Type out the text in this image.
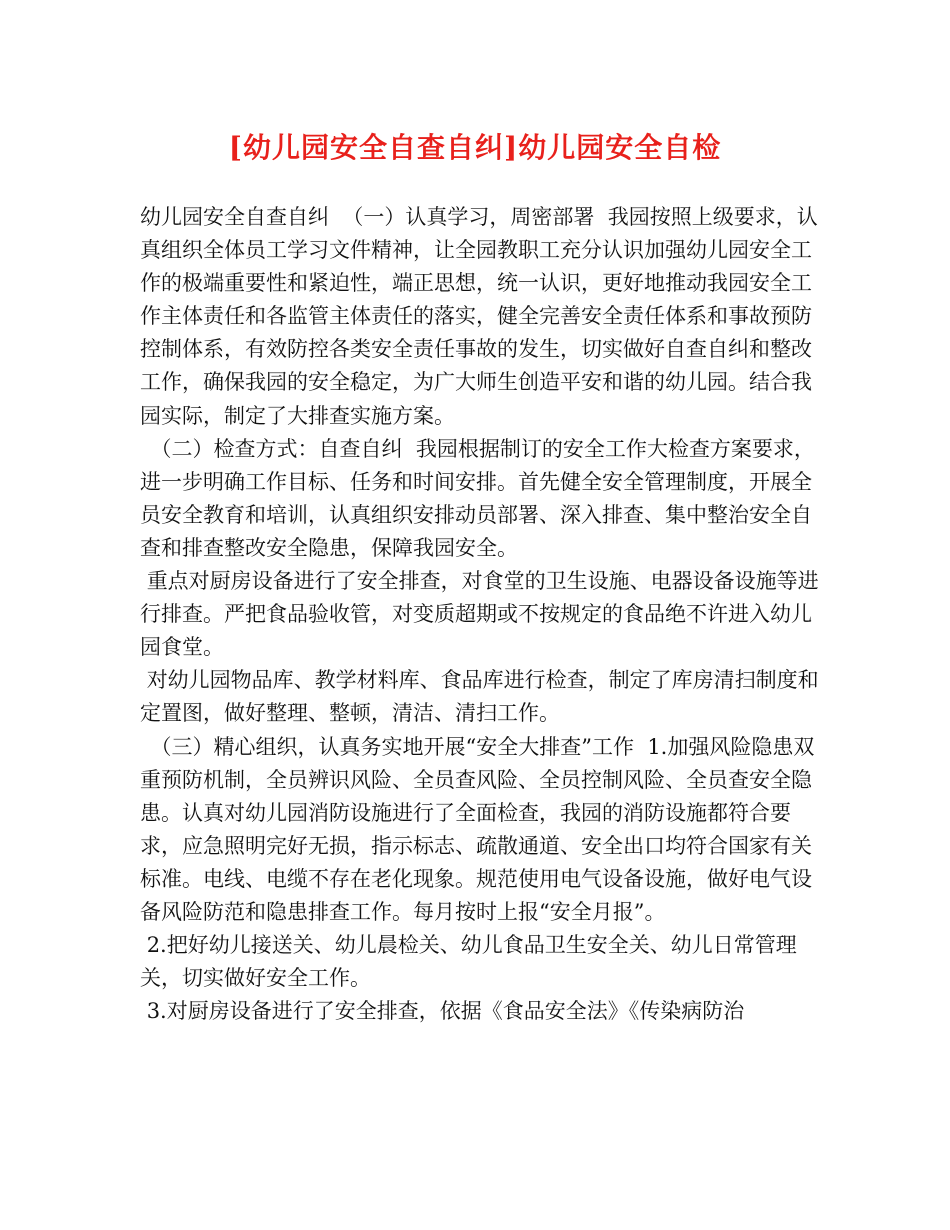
[幼儿园安全自查自纠]幼儿园安全自检
幼儿园安全自查自纠  （一）认真学习，周密部署  我园按照上级要求，认真组织全体员工学习文件精神，让全园教职工充分认识加强幼儿园安全工作的极端重要性和紧迫性，端正思想，统一认识，更好地推动我园安全工作主体责任和各监管主体责任的落实，健全完善安全责任体系和事故预防控制体系，有效防控各类安全责任事故的发生，切实做好自查自纠和整改工作，确保我园的安全稳定，为广大师生创造平安和谐的幼儿园。结合我园实际，制定了大排查实施方案。
　（二）检查方式：自查自纠  我园根据制订的安全工作大检查方案要求，进一步明确工作目标、任务和时间安排。首先健全安全管理制度，开展全员安全教育和培训，认真组织安排动员部署、深入排查、集中整治安全自查和排查整改安全隐患，保障我园安全。
重点对厨房设备进行了安全排查，对食堂的卫生设施、电器设备设施等进行排查。严把食品验收管，对变质超期或不按规定的食品绝不许进入幼儿园食堂。
对幼儿园物品库、教学材料库、食品库进行检查，制定了库房清扫制度和定置图，做好整理、整顿，清洁、清扫工作。
　（三）精心组织，认真务实地开展“安全大排查”工作  1.加强风险隐患双重预防机制，全员辨识风险、全员查风险、全员控制风险、全员查安全隐患。认真对幼儿园消防设施进行了全面检查，我园的消防设施都符合要求，应急照明完好无损，指示标志、疏散通道、安全出口均符合国家有关标准。电线、电缆不存在老化现象。规范使用电气设备设施，做好电气设备风险防范和隐患排查工作。每月按时上报“安全月报”。
2.把好幼儿接送关、幼儿晨检关、幼儿食品卫生安全关、幼儿日常管理关，切实做好安全工作。
3.对厨房设备进行了安全排查，依据《食品安全法》《传染病防治
